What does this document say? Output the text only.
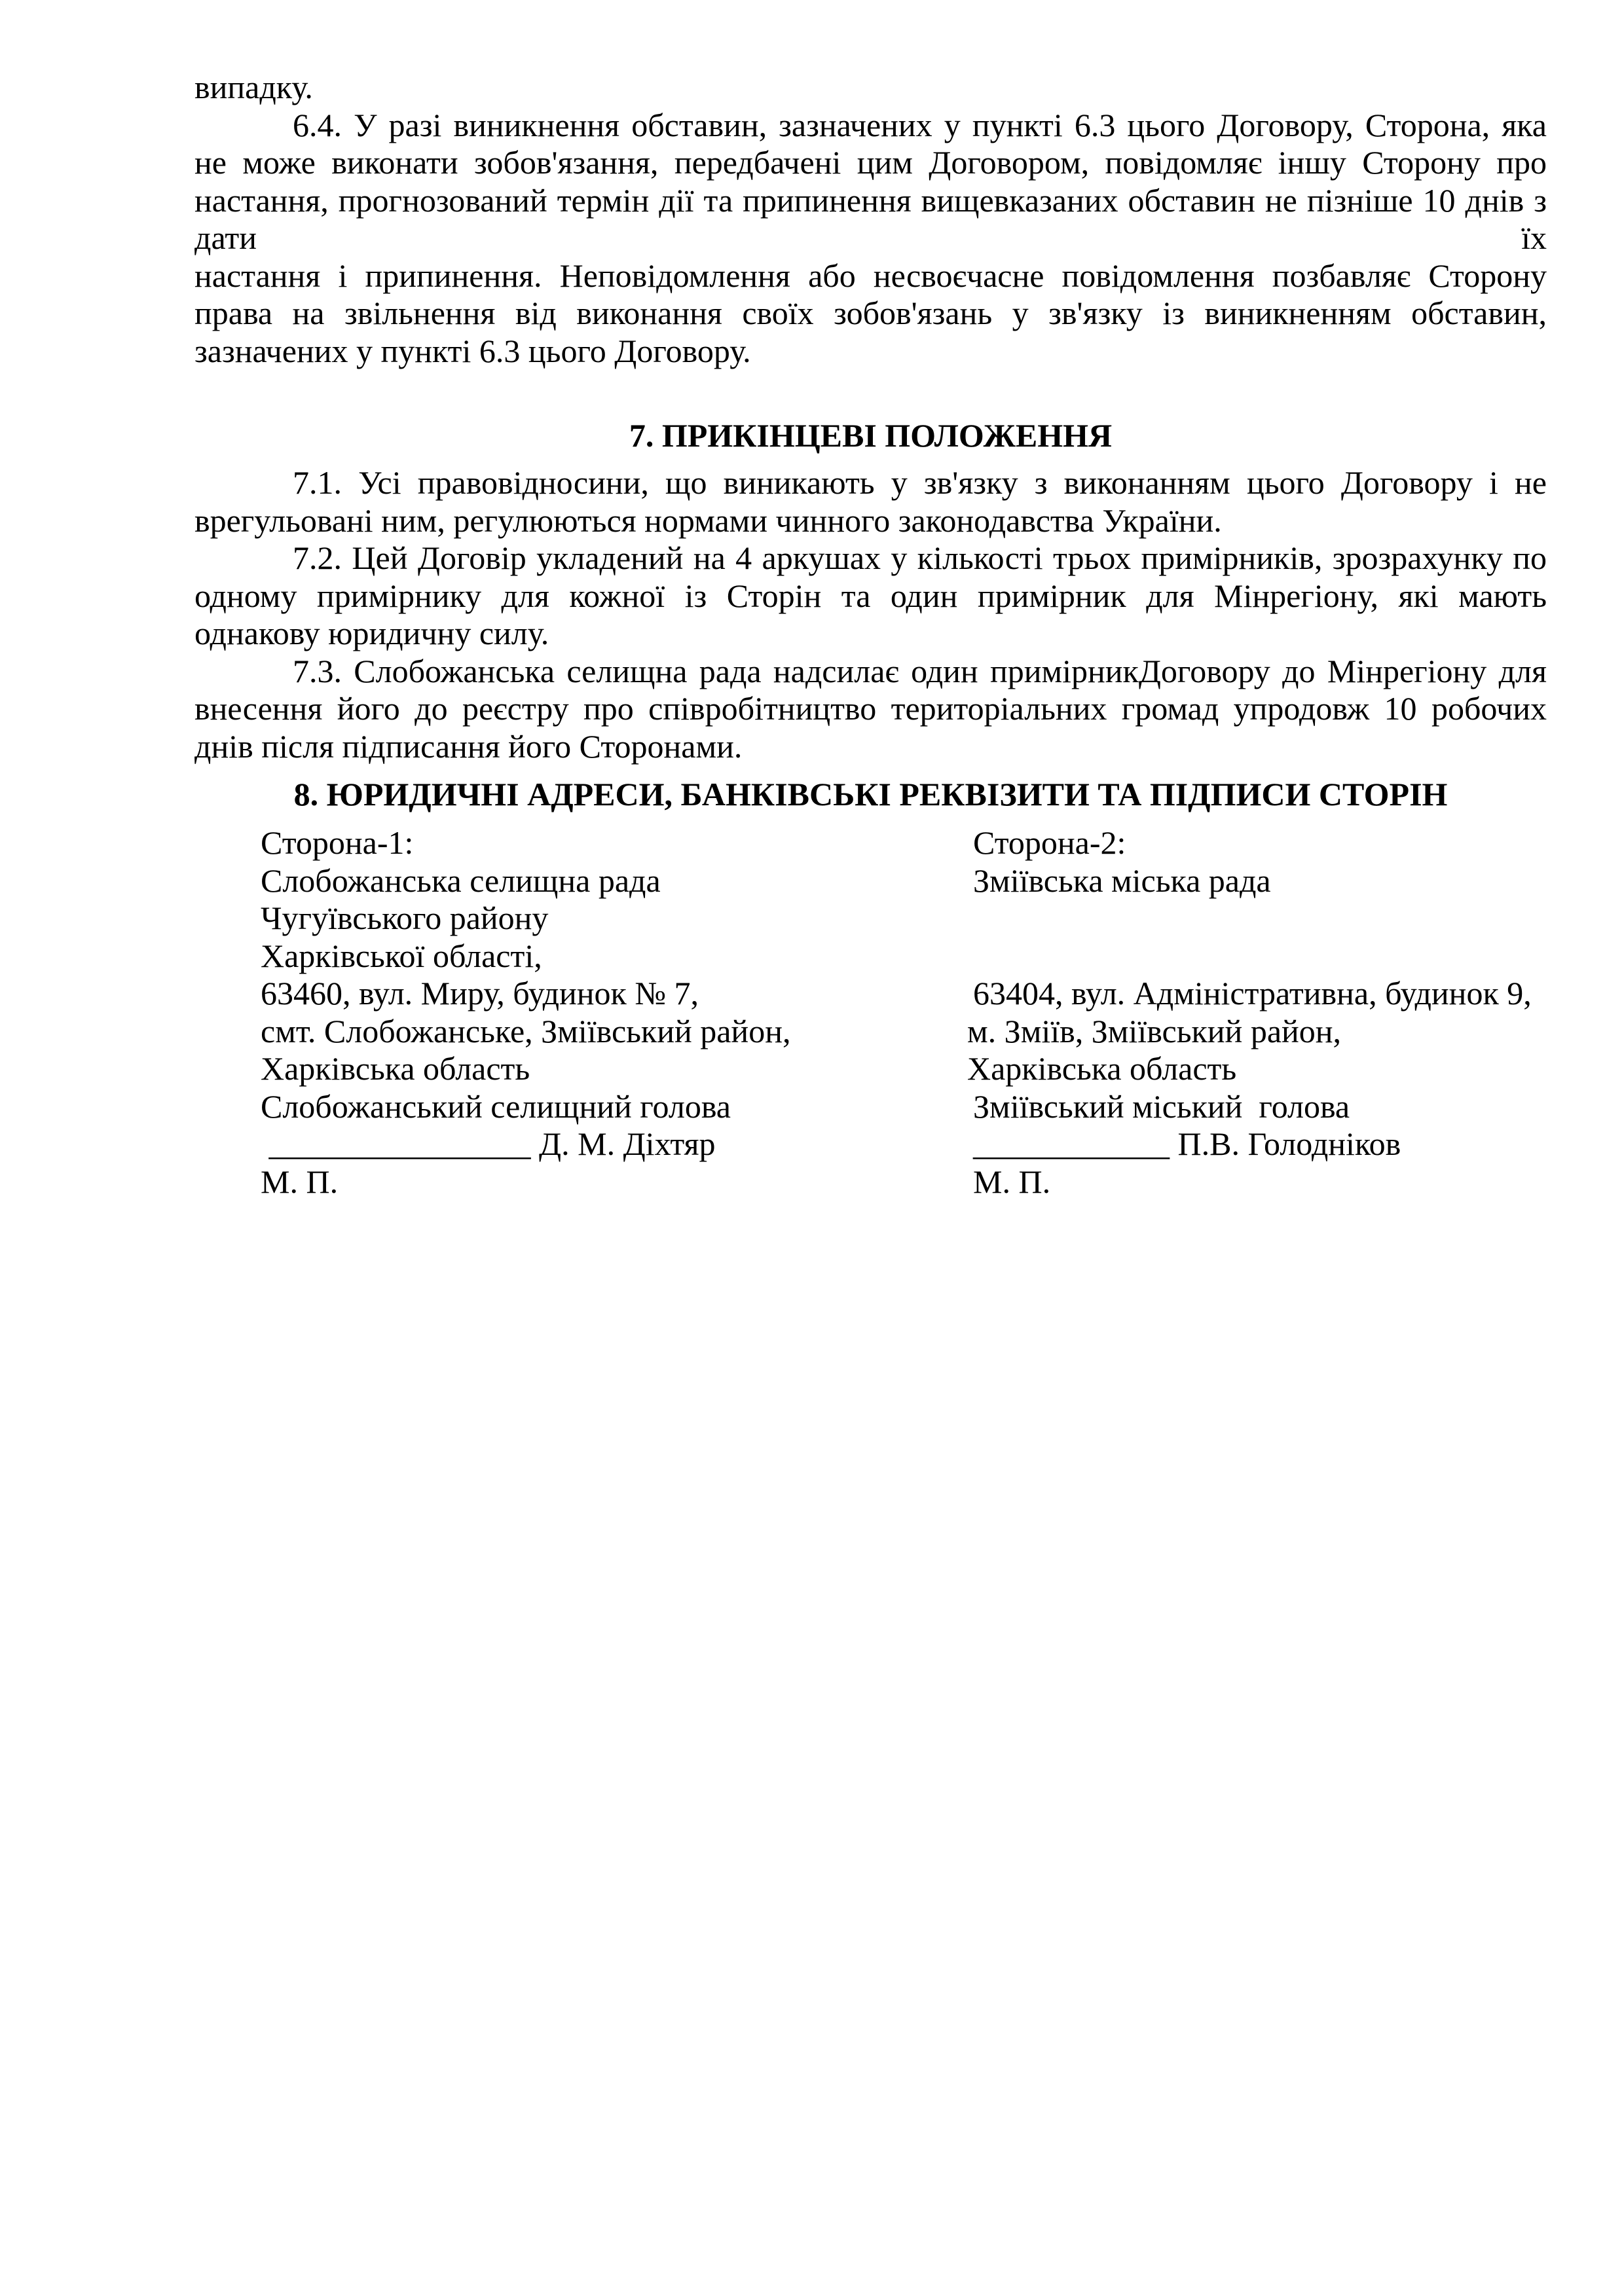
випадку.
6.4. У разі виникнення обставин, зазначених у пункті 6.3 цього Договору, Сторона, яка
не може виконати зобов'язання, передбачені цим Договором, повідомляє іншу Сторону про
настання, прогнозований термін дії та припинення вищевказаних обставин не пізніше 10 днів з
дати	їх
настання і припинення. Неповідомлення або несвоєчасне повідомлення позбавляє Сторону
права на звільнення від виконання своїх зобов'язань у зв'язку із виникненням обставин,
зазначених у пункті 6.3 цього Договору.
7. ПРИКІНЦЕВІ ПОЛОЖЕННЯ
7.1. Усі правовідносини, що виникають у зв'язку з виконанням цього Договору і не
врегульовані ним, регулюються нормами чинного законодавства України.
7.2. Цей Договір укладений на 4 аркушах у кількості трьох примірників, зрозрахунку по
одному примірнику для кожної із Сторін та один примірник для Мінрегіону, які мають
однакову юридичну силу.
7.3. Слобожанська селищна рада надсилає один примірникДоговору до Мінрегіону для
внесення його до реєстру про співробітництво територіальних громад упродовж 10 робочих
днів після підписання його Сторонами.
8. ЮРИДИЧНІ АДРЕСИ, БАНКІВСЬКІ РЕКВІЗИТИ ТА ПІДПИСИ СТОРІН
Сторона-1:
Слобожанська селищна рада
Чугуївського району
Харківської області,
63460, вул. Миру, будинок № 7,
смт. Слобожанське, Зміївський район,
Харківська область
Слобожанський селищний голова
________________ Д. М. Діхтяр
М. П.
Сторона-2:
Зміївська міська рада
63404, вул. Адміністративна, будинок 9,
м. Зміїв, Зміївський район,
Харківська область
Зміївський міський  голова
____________ П.В. Голодніков
М. П.
